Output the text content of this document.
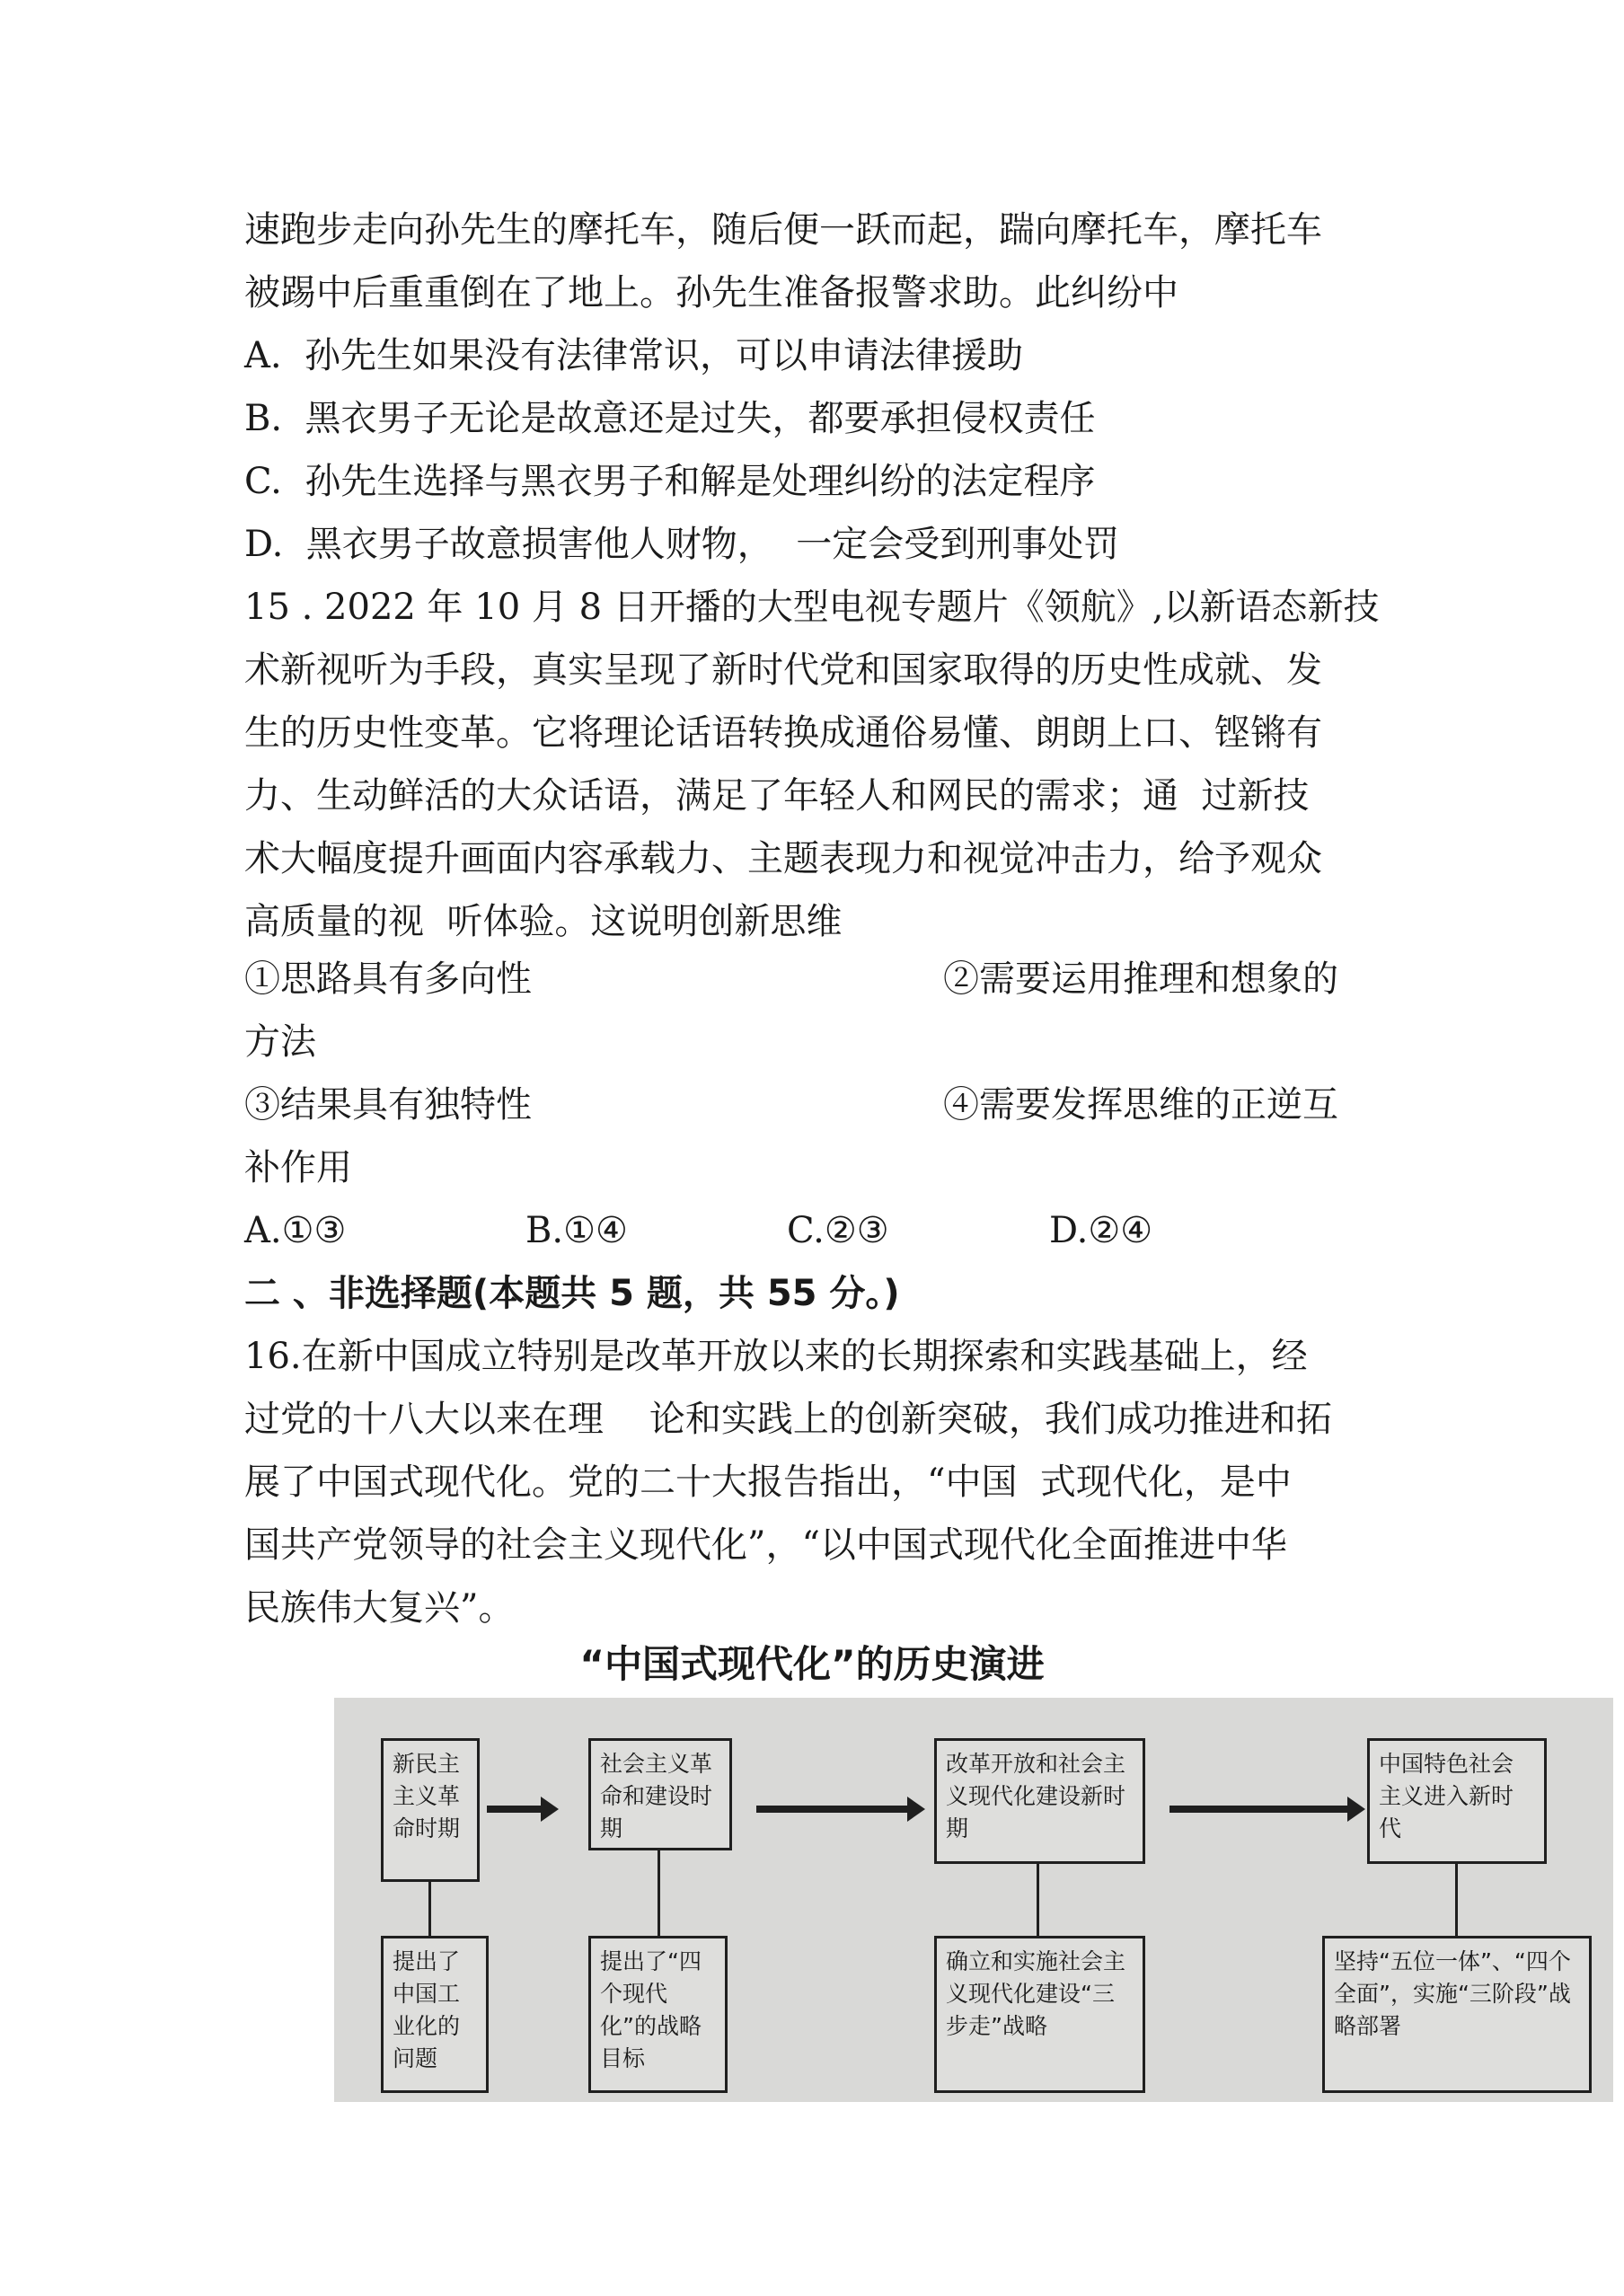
速跑步走向孙先生的摩托车，随后便一跃而起，踹向摩托车，摩托车
被踢中后重重倒在了地上。孙先生准备报警求助。此纠纷中
A.  孙先生如果没有法律常识，可以申请法律援助
B.  黑衣男子无论是故意还是过失，都要承担侵权责任
C.  孙先生选择与黑衣男子和解是处理纠纷的法定程序
D.  黑衣男子故意损害他人财物，  一定会受到刑事处罚
15 . 2022 年 10 月 8 日开播的大型电视专题片《领航》,以新语态新技
术新视听为手段，真实呈现了新时代党和国家取得的历史性成就、发
生的历史性变革。它将理论话语转换成通俗易懂、朗朗上口、铿锵有
力、生动鲜活的大众话语，满足了年轻人和网民的需求；通  过新技
术大幅度提升画面内容承载力、主题表现力和视觉冲击力，给予观众
高质量的视  听体验。这说明创新思维
①思路具有多向性	②需要运用推理和想象的
方法
③结果具有独特性	④需要发挥思维的正逆互
补作用
A.①③	B.①④	C.②③	D.②④
二 、非选择题(本题共 5 题，共 55 分。)
16.在新中国成立特别是改革开放以来的长期探索和实践基础上，经
过党的十八大以来在理    论和实践上的创新突破，我们成功推进和拓
展了中国式现代化。党的二十大报告指出，“中国  式现代化，是中
国共产党领导的社会主义现代化”，“以中国式现代化全面推进中华
民族伟大复兴”。
“中国式现代化”的历史演进
新民主主义革命时期
提出了中国工业化的问题
社会主义革命和建设时期
提出了“四个现代化”的战略目标
改革开放和社会主义现代化建设新时期
确立和实施社会主义现代化建设“三步走”战略
中国特色社会主义进入新时代
坚持“五位一体”、“四个全面”，实施“三阶段”战略部署
